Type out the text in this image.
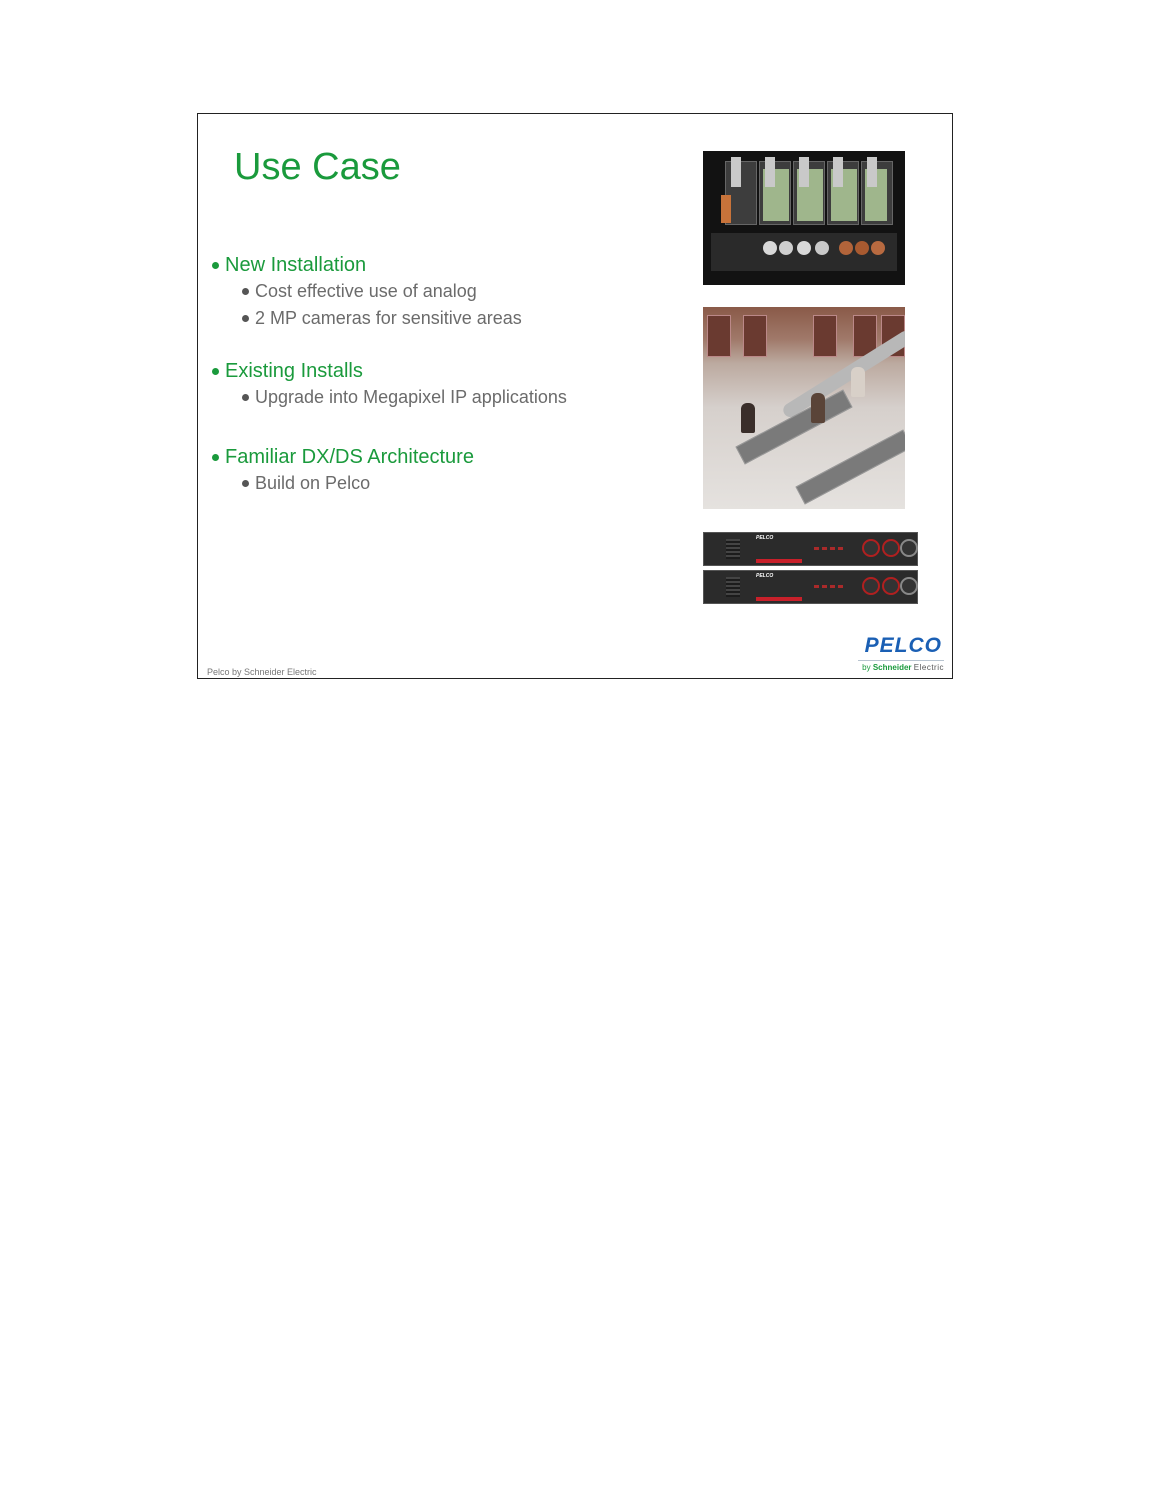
Use Case
New Installation
Cost effective use of analog
2 MP cameras for sensitive areas
Existing Installs
Upgrade into Megapixel IP applications
Familiar DX/DS Architecture
Build on Pelco
PELCO
PELCO
Pelco by Schneider Electric
PELCO
by Schneider Electric
